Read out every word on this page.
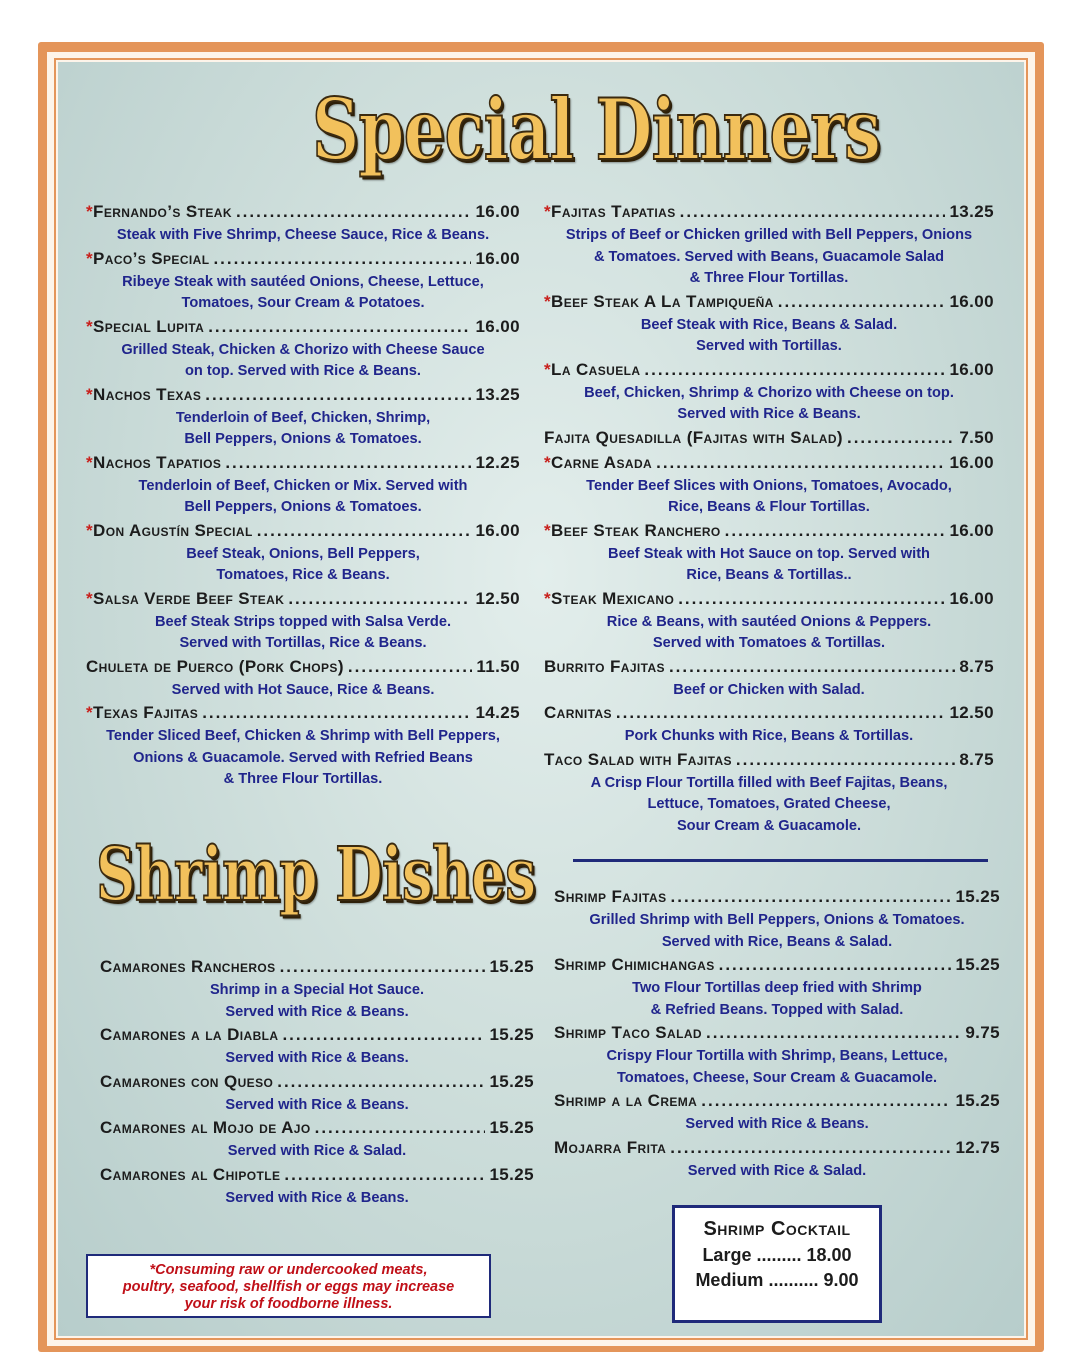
Special Dinners
Shrimp Dishes
* Fernando’s Steak .....	16.00
Steak with Five Shrimp, Cheese Sauce, Rice & Beans.
* Paco’s Special .....	16.00
Ribeye Steak with sautéed Onions, Cheese, Lettuce,
Tomatoes, Sour Cream & Potatoes.
* Special Lupita .....	16.00
Grilled Steak, Chicken & Chorizo with Cheese Sauce
on top. Served with Rice & Beans.
* Nachos Texas .....	13.25
Tenderloin of Beef, Chicken, Shrimp,
Bell Peppers, Onions & Tomatoes.
* Nachos Tapatios .....	12.25
Tenderloin of Beef, Chicken or Mix. Served with
Bell Peppers, Onions & Tomatoes.
* Don Agustín Special .....	16.00
Beef Steak, Onions, Bell Peppers,
Tomatoes, Rice & Beans.
* Salsa Verde Beef Steak .....	12.50
Beef Steak Strips topped with Salsa Verde.
Served with Tortillas, Rice & Beans.
Chuleta de Puerco (Pork Chops) .....	11.50
Served with Hot Sauce, Rice & Beans.
* Texas Fajitas .....	14.25
Tender Sliced Beef, Chicken & Shrimp with Bell Peppers,
Onions & Guacamole. Served with Refried Beans
& Three Flour Tortillas.
* Fajitas Tapatias .....	13.25
Strips of Beef or Chicken grilled with Bell Peppers, Onions
& Tomatoes. Served with Beans, Guacamole Salad
& Three Flour Tortillas.
* Beef Steak A La Tampiqueña .....	16.00
Beef Steak with Rice, Beans & Salad.
Served with Tortillas.
* La Casuela .....	16.00
Beef, Chicken, Shrimp & Chorizo with Cheese on top.
Served with Rice & Beans.
Fajita Quesadilla (Fajitas with Salad) .....	7.50
* Carne Asada .....	16.00
Tender Beef Slices with Onions, Tomatoes, Avocado,
Rice, Beans & Flour Tortillas.
* Beef Steak Ranchero .....	16.00
Beef Steak with Hot Sauce on top. Served with
Rice, Beans & Tortillas..
* Steak Mexicano .....	16.00
Rice & Beans, with sautéed Onions & Peppers.
Served with Tomatoes & Tortillas.
Burrito Fajitas .....	8.75
Beef or Chicken with Salad.
Carnitas .....	12.50
Pork Chunks with Rice, Beans & Tortillas.
Taco Salad with Fajitas .....	8.75
A Crisp Flour Tortilla filled with Beef Fajitas, Beans,
Lettuce, Tomatoes, Grated Cheese,
Sour Cream & Guacamole.
Camarones Rancheros .....	15.25
Shrimp in a Special Hot Sauce.
Served with Rice & Beans.
Camarones a la Diabla .....	15.25
Served with Rice & Beans.
Camarones con Queso .....	15.25
Served with Rice & Beans.
Camarones al Mojo de Ajo .....	15.25
Served with Rice & Salad.
Camarones al Chipotle .....	15.25
Served with Rice & Beans.
Shrimp Fajitas .....	15.25
Grilled Shrimp with Bell Peppers, Onions & Tomatoes.
Served with Rice, Beans & Salad.
Shrimp Chimichangas .....	15.25
Two Flour Tortillas deep fried with Shrimp
& Refried Beans. Topped with Salad.
Shrimp Taco Salad .....	9.75
Crispy Flour Tortilla with Shrimp, Beans, Lettuce,
Tomatoes, Cheese, Sour Cream & Guacamole.
Shrimp a la Crema .....	15.25
Served with Rice & Beans.
Mojarra Frita .....	12.75
Served with Rice & Salad.
*Consuming raw or undercooked meats,
poultry, seafood, shellfish or eggs may increase
your risk of foodborne illness.
Shrimp Cocktail
Large ......... 18.00
Medium .......... 9.00
